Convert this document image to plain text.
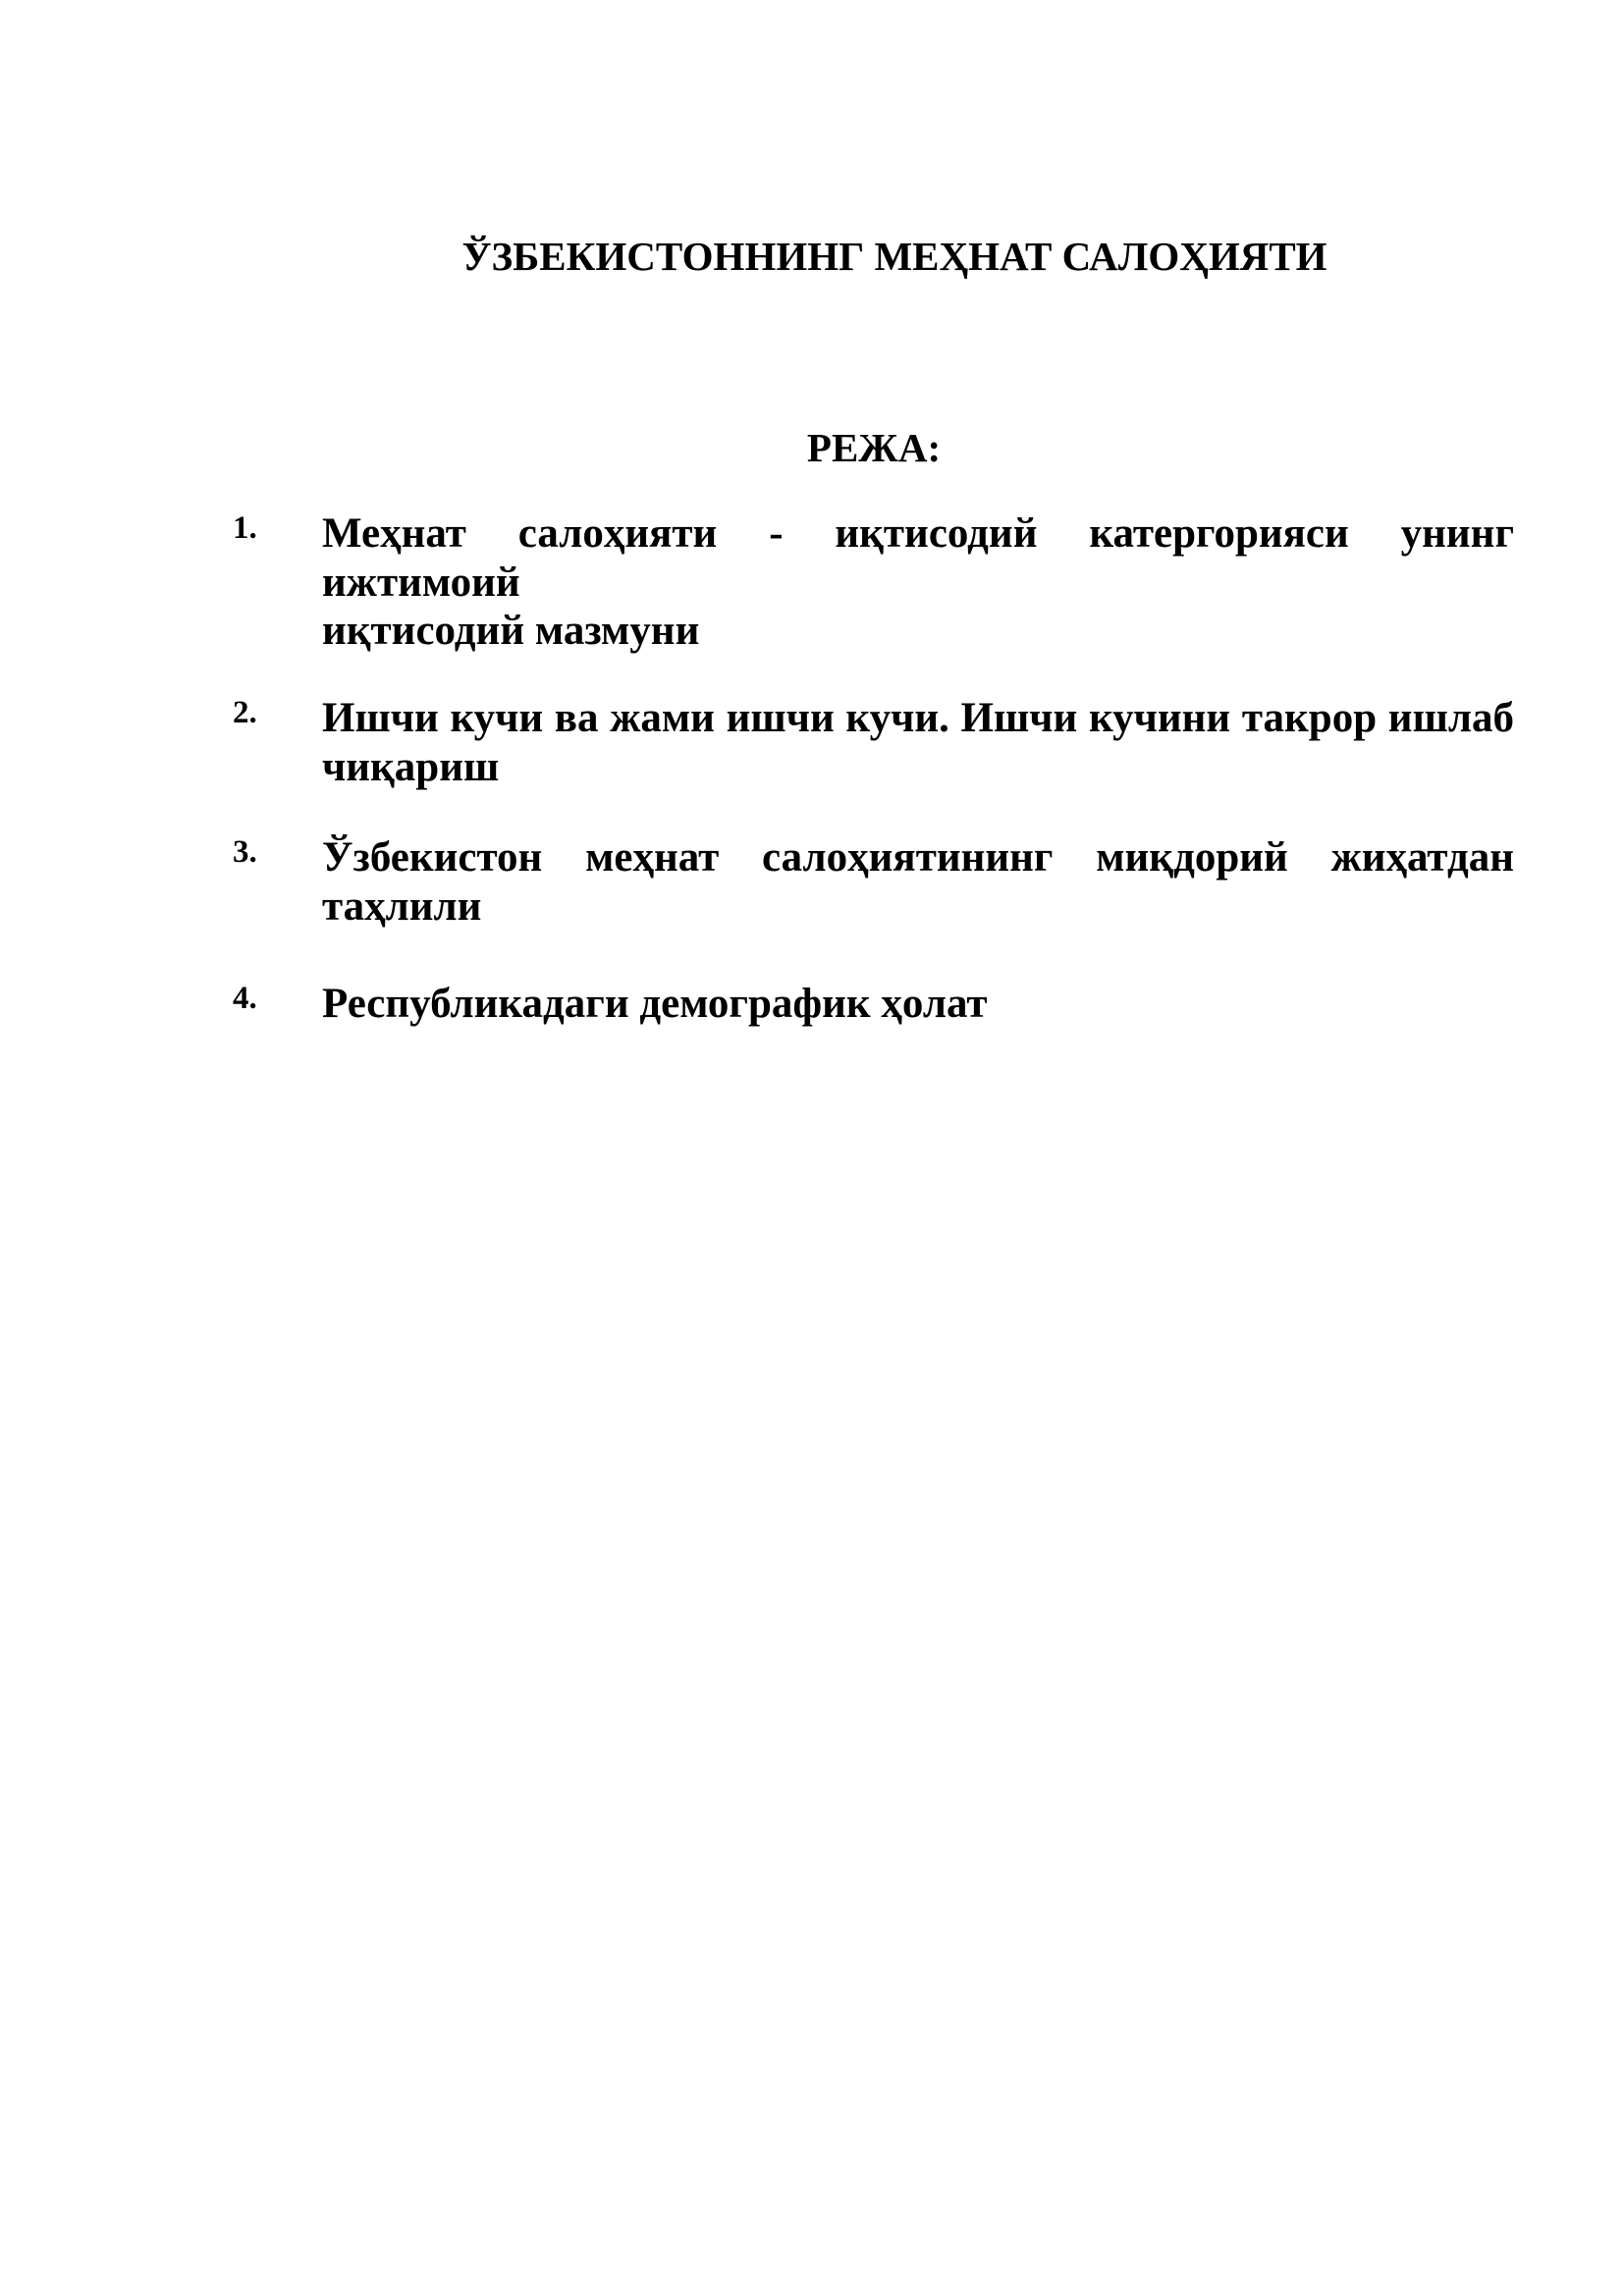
ЎЗБЕКИСТОННИНГ МЕҲНАТ САЛОҲИЯТИ
РЕЖА:
1. Меҳнат салоҳияти - иқтисодий катергорияси унинг ижтимоий
иқтисодий мазмуни
2. Ишчи кучи ва жами ишчи кучи. Ишчи кучини такрор ишлаб
чиқариш
3. Ўзбекистон меҳнат салоҳиятининг миқдорий жиҳатдан
таҳлили
4. Республикадаги демографик ҳолат
